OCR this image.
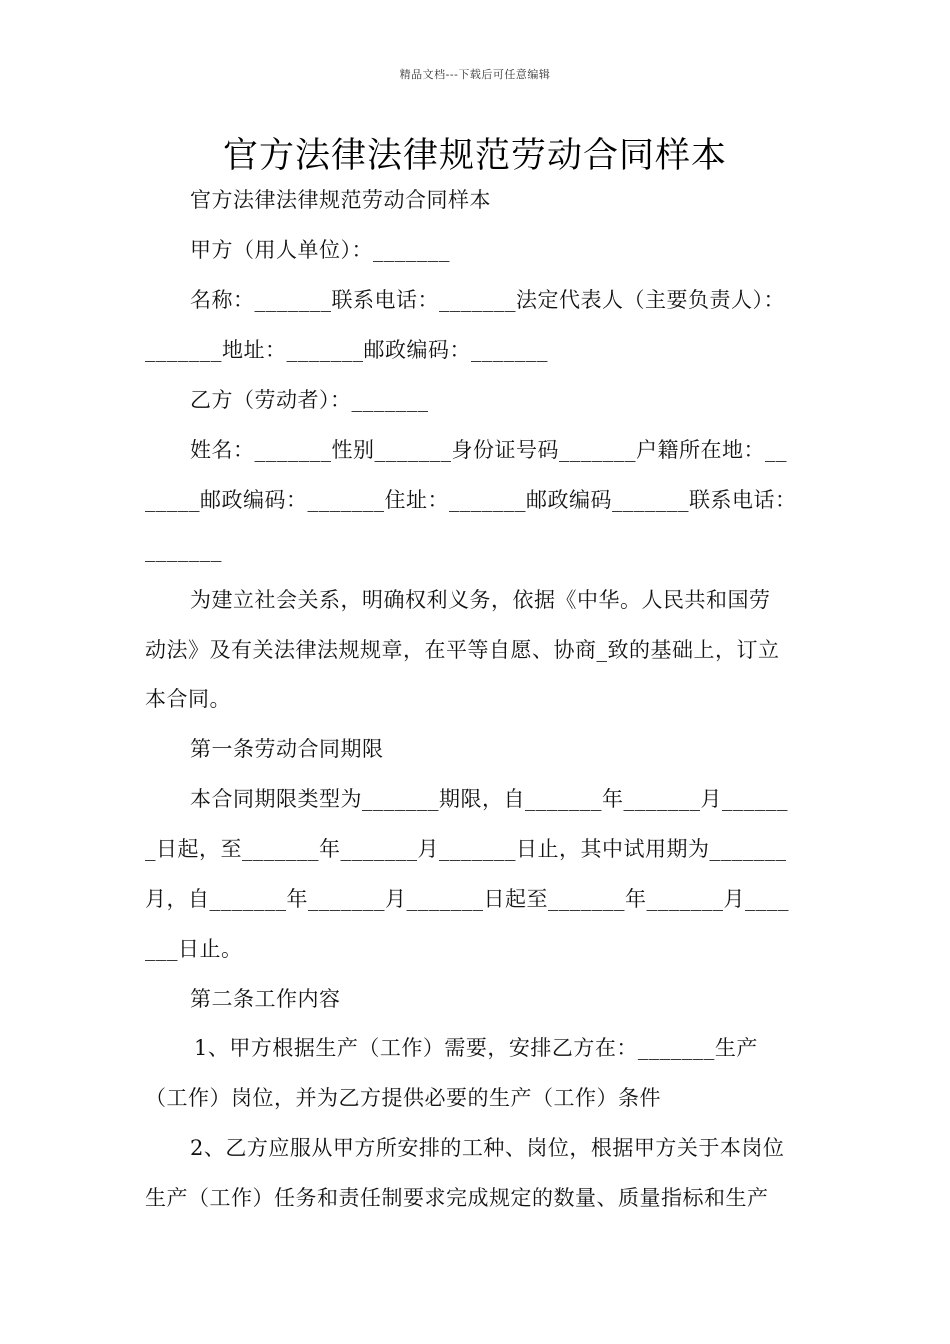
精品文档---下载后可任意编辑
官方法律法律规范劳动合同样本
官方法律法律规范劳动合同样本
甲方（用人单位）：_______
名称：_______联系电话：_______法定代表人（主要负责人）：
_______地址：_______邮政编码：_______
乙方（劳动者）：_______
姓名：_______性别_______身份证号码_______户籍所在地：__
_____邮政编码：_______住址：_______邮政编码_______联系电话：
_______
为建立社会关系，明确权利义务，依据《中华。人民共和国劳
动法》及有关法律法规规章，在平等自愿、协商_致的基础上，订立
本合同。
第一条劳动合同期限
本合同期限类型为_______期限，自_______年_______月______
_日起，至_______年_______月_______日止，其中试用期为_______
月，自_______年_______月_______日起至_______年_______月____
___日止。
第二条工作内容
1、甲方根据生产（工作）需要，安排乙方在：_______生产
（工作）岗位，并为乙方提供必要的生产（工作）条件
2、乙方应服从甲方所安排的工种、岗位，根据甲方关于本岗位
生产（工作）任务和责任制要求完成规定的数量、质量指标和生产
